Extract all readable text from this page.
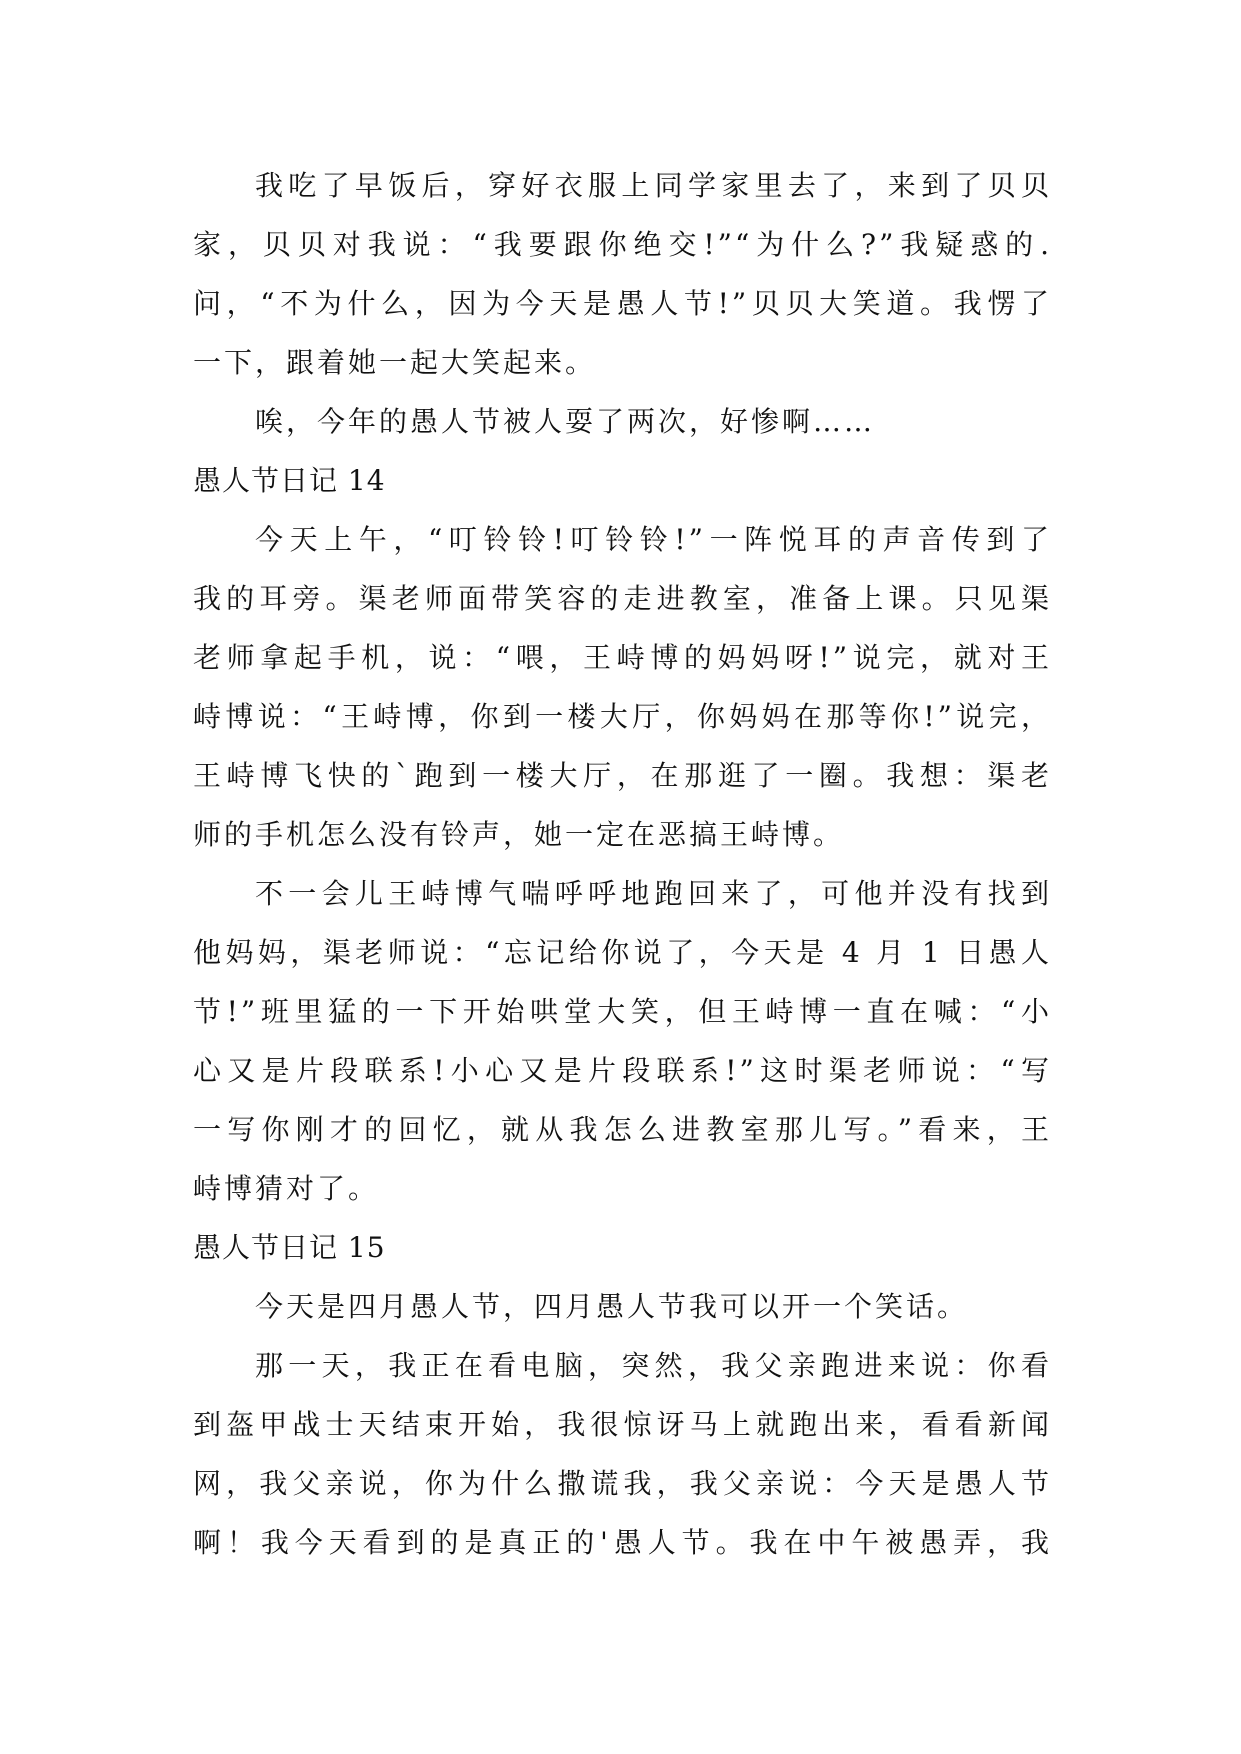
我吃了早饭后，穿好衣服上同学家里去了，来到了贝贝
家，贝贝对我说：“我要跟你绝交!”“为什么?”我疑惑的.
问，“不为什么，因为今天是愚人节!”贝贝大笑道。我愣了
一下，跟着她一起大笑起来。
唉，今年的愚人节被人耍了两次，好惨啊……
愚人节日记 14
今天上午，“叮铃铃!叮铃铃!”一阵悦耳的声音传到了
我的耳旁。渠老师面带笑容的走进教室，准备上课。只见渠
老师拿起手机，说：“喂，王峙博的妈妈呀!”说完，就对王
峙博说：“王峙博，你到一楼大厅，你妈妈在那等你!”说完，
王峙博飞快的`跑到一楼大厅，在那逛了一圈。我想：渠老
师的手机怎么没有铃声，她一定在恶搞王峙博。
不一会儿王峙博气喘呼呼地跑回来了，可他并没有找到
他妈妈，渠老师说：“忘记给你说了，今天是 4 月 1 日愚人
节!”班里猛的一下开始哄堂大笑，但王峙博一直在喊：“小
心又是片段联系!小心又是片段联系!”这时渠老师说：“写
一写你刚才的回忆，就从我怎么进教室那儿写。”看来，王
峙博猜对了。
愚人节日记 15
今天是四月愚人节，四月愚人节我可以开一个笑话。
那一天，我正在看电脑，突然，我父亲跑进来说：你看
到盔甲战士天结束开始，我很惊讶马上就跑出来，看看新闻
网，我父亲说，你为什么撒谎我，我父亲说：今天是愚人节
啊！我今天看到的是真正的'愚人节。我在中午被愚弄，我
